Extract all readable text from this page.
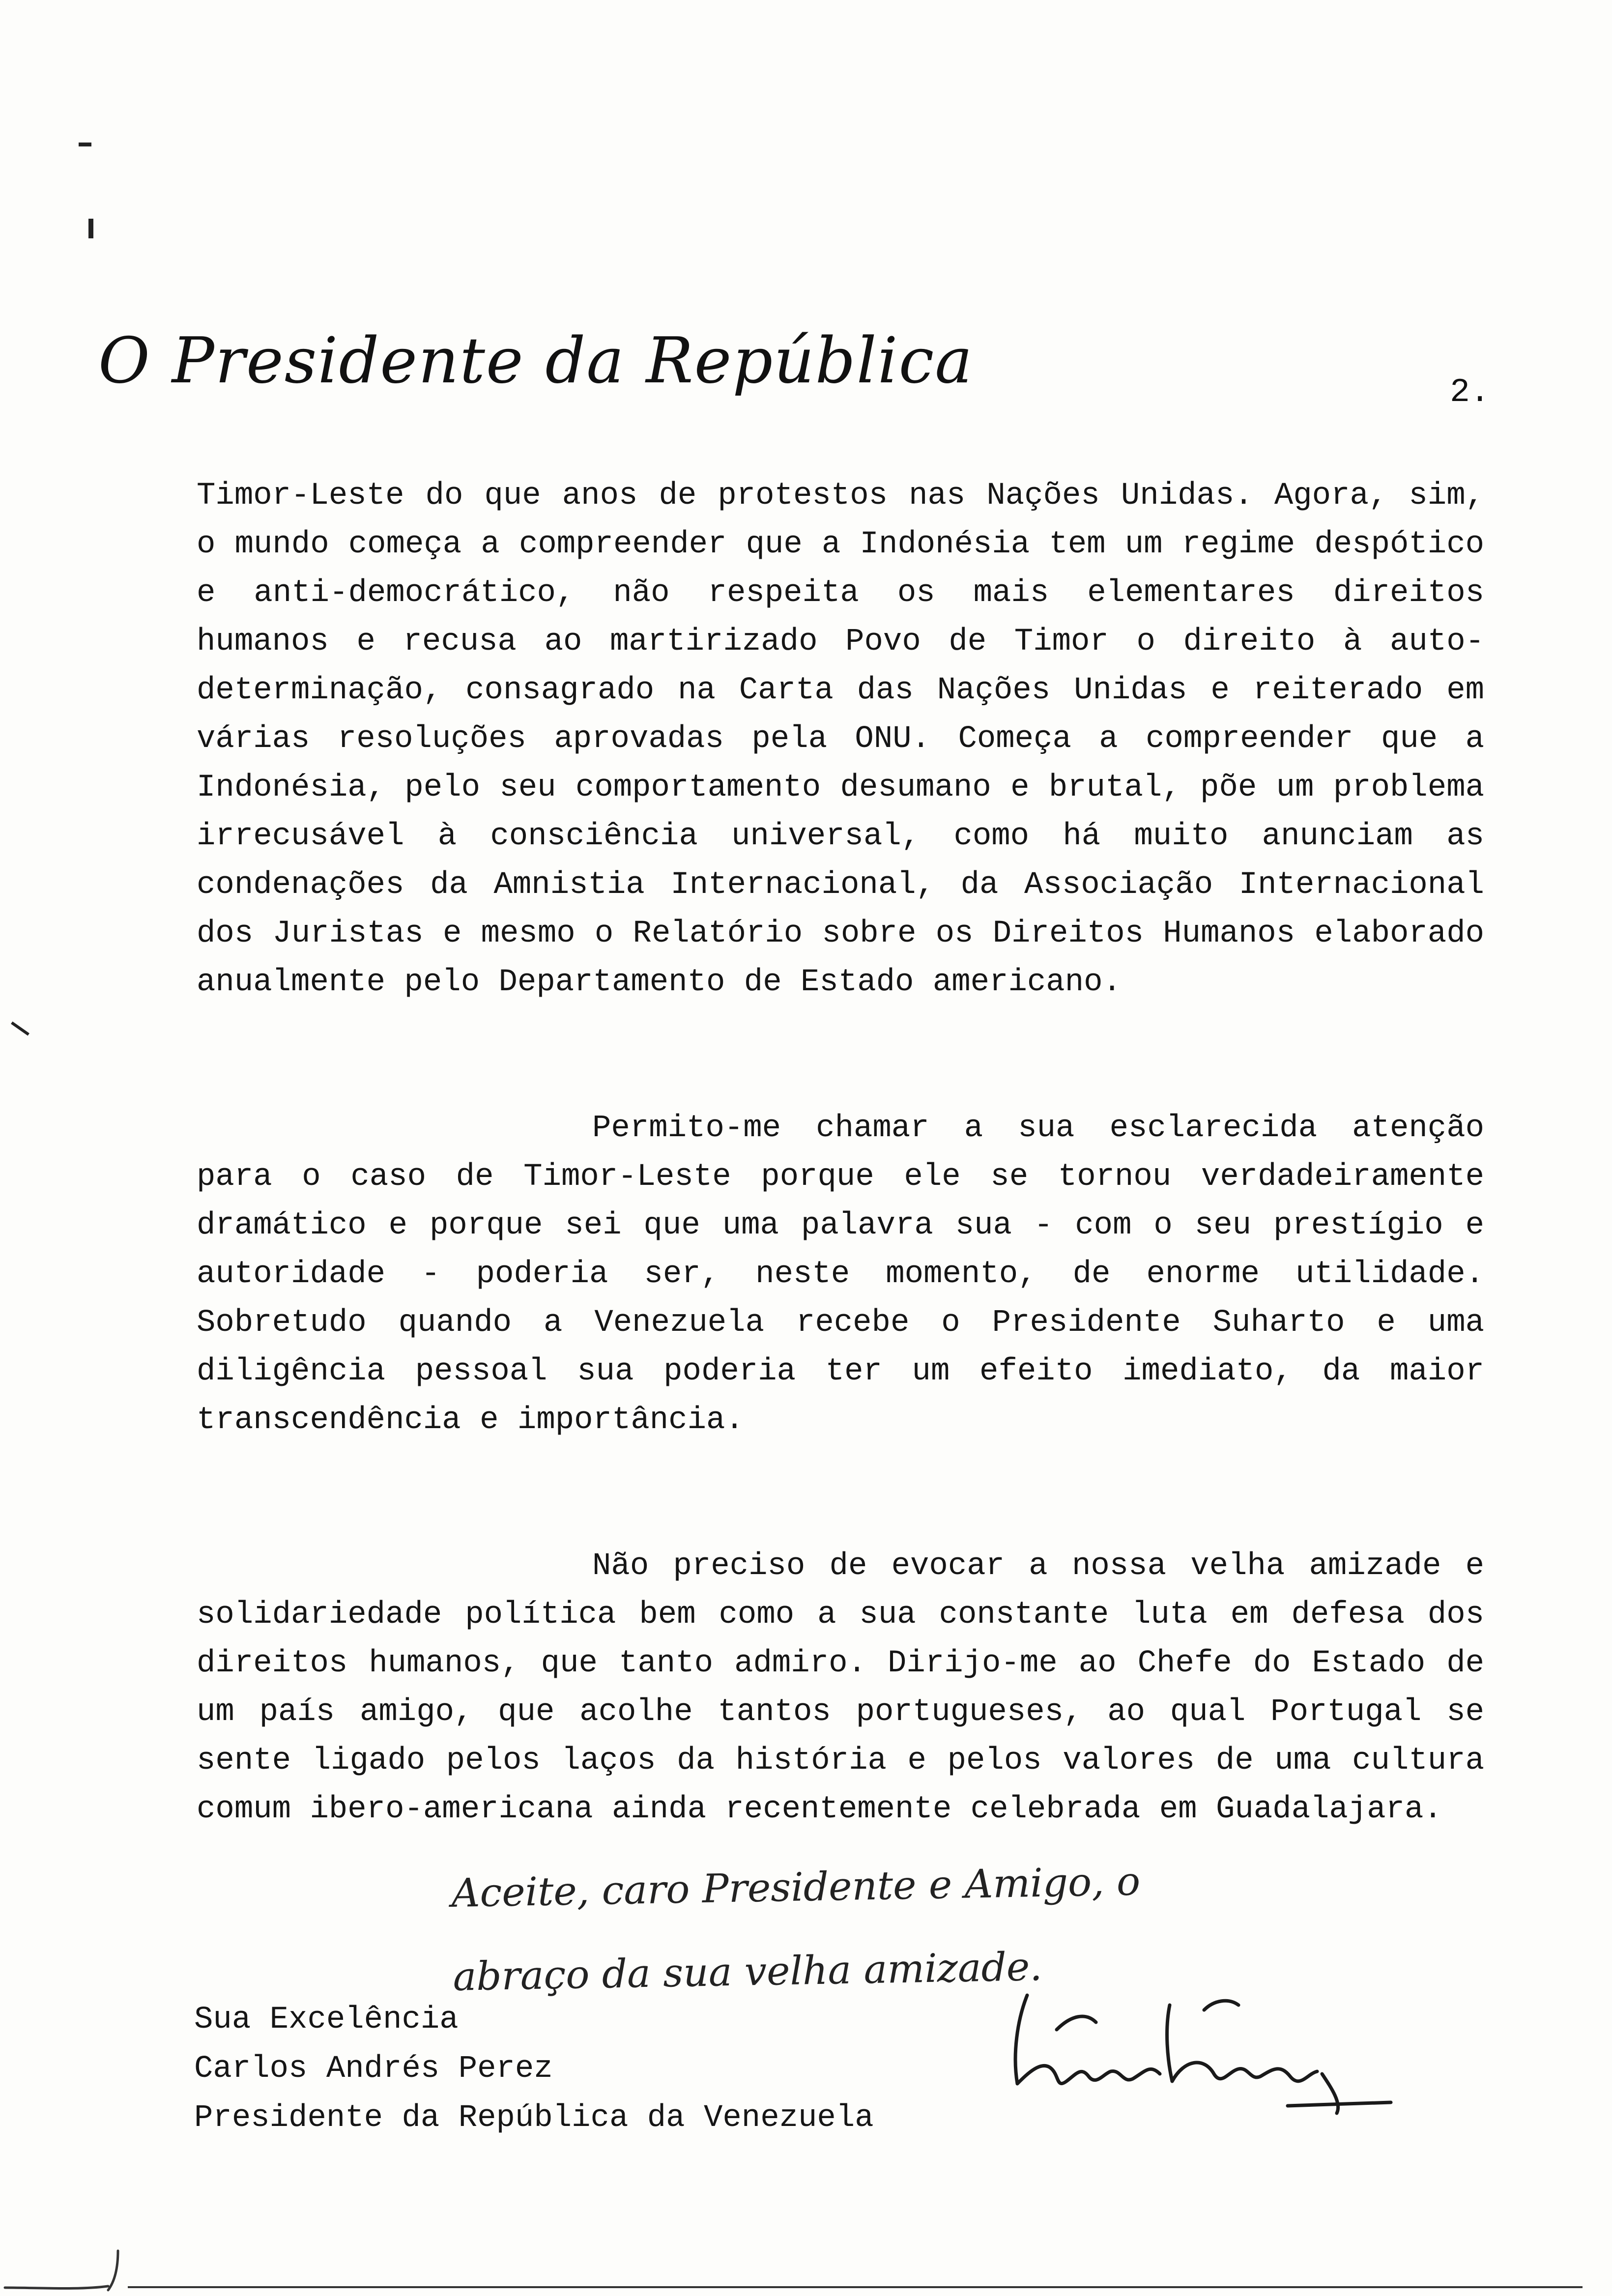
O Presidente da República	2.

Timor-Leste do que anos de protestos nas Nações Unidas. Agora, sim, o mundo começa a compreender que a Indonésia tem um regime despótico e anti-democrático, não respeita os mais elementares direitos humanos e recusa ao martirizado Povo de Timor o direito à auto-determinação, consagrado na Carta das Nações Unidas e reiterado em várias resoluções aprovadas pela ONU. Começa a compreender que a Indonésia, pelo seu comportamento desumano e brutal, põe um problema irrecusável à consciência universal, como há muito anunciam as condenações da Amnistia Internacional, da Associação Internacional dos Juristas e mesmo o Relatório sobre os Direitos Humanos elaborado anualmente pelo Departamento de Estado americano.

Permito-me chamar a sua esclarecida atenção para o caso de Timor-Leste porque ele se tornou verdadeiramente dramático e porque sei que uma palavra sua - com o seu prestígio e autoridade - poderia ser, neste momento, de enorme utilidade. Sobretudo quando a Venezuela recebe o Presidente Suharto e uma diligência pessoal sua poderia ter um efeito imediato, da maior transcendência e importância.

Não preciso de evocar a nossa velha amizade e solidariedade política bem como a sua constante luta em defesa dos direitos humanos, que tanto admiro. Dirijo-me ao Chefe do Estado de um país amigo, que acolhe tantos portugueses, ao qual Portugal se sente ligado pelos laços da história e pelos valores de uma cultura comum ibero-americana ainda recentemente celebrada em Guadalajara.

Aceite, caro Presidente e Amigo, o
abraço da sua velha amizade.
Sua Excelência
Carlos Andrés Perez
Presidente da República da Venezuela
